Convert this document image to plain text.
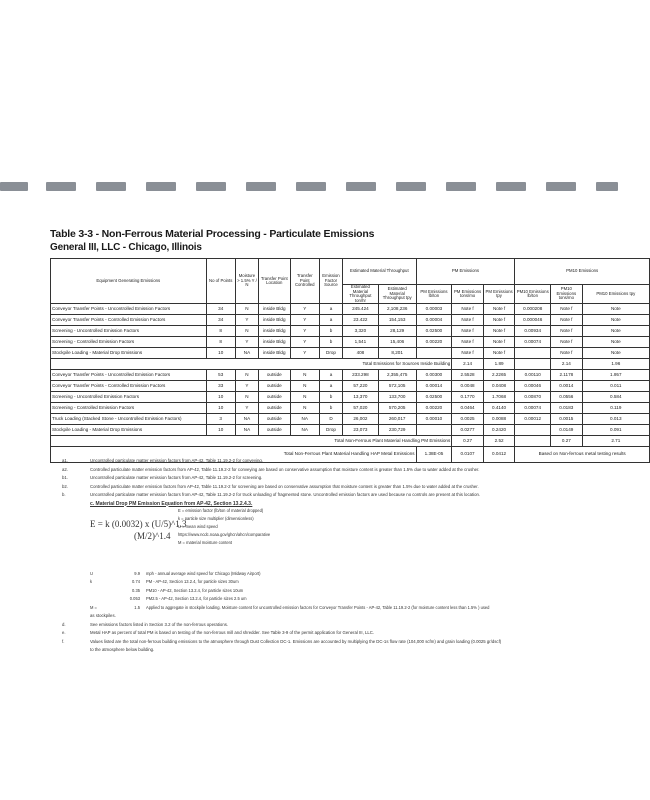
Table 3-3 - Non-Ferrous Material Processing - Particulate Emissions
General III, LLC - Chicago, Illinois
Equipment Generating Emissions	No of Points	Moisture > 1.5% Y / N	Transfer Point Location	Transfer Point Controlled	Emission Factor Source	Estimated Material Throughput		PM Emissions			PM10 Emissions		
						Estimated Material Throughput ton/hr	Estimated Material Throughput tpy	PM Emissions lb/ton	PM Emissions tons/mo	PM Emissions tpy	PM10 Emissions lb/ton	PM10 Emissions tons/mo	PM10 Emissions tpy
Conveyor Transfer Points - Uncontrolled Emission Factors	34	N	inside Bldg	Y	a	245.424	2,108,236	0.00003	Note f	Note f	0.000208	Note f	Note
Conveyor Transfer Points - Controlled Emission Factors	34	Y	inside Bldg	Y	a	23.422	154,153	0.00004	Note f	Note f	0.000046	Note f	Note
Screening - Uncontrolled Emission Factors	8	N	inside Bldg	Y	b	3,320	28,129	0.02500	Note f	Note f	0.00934	Note f	Note
Screening - Controlled Emission Factors	8	Y	inside Bldg	Y	b	1,541	15,406	0.00220	Note f	Note f	0.00074	Note f	Note
Stockpile Loading - Material Drop Emissions	10	NA	inside Bldg	Y	Drop	408	8,201		Note f	Note f		Note f	Note
Total Emissions for Sources Inside Building									2.14	1.89		2.14	1.96
Conveyor Transfer Points - Uncontrolled Emission Factors	53	N	outside	N	a	233.298	2,355,475	0.00300	2.5528	2.2265	0.00110	2.1178	1.957
Conveyor Transfer Points - Controlled Emission Factors	33	Y	outside	N	a	57,220	572,105	0.00014	0.0048	0.0408	0.00046	0.0014	0.011
Screening - Uncontrolled Emission Factors	10	N	outside	N	b	13,370	133,700	0.02500	0.1770	1.7068	0.00870	0.0556	0.584
Screening - Controlled Emission Factors	10	Y	outside	N	b	57,020	570,205	0.00220	0.0464	0.4140	0.00074	0.0183	0.119
Truck Loading (Stacked Stone - Uncontrolled Emission Factors)	3	NA	outside	NA	D	26,002	260,017	0.00010	0.0025	0.0088	0.00012	0.0015	0.013
Stockpile Loading - Material Drop Emissions	10	NA	outside	NA	Drop	23,073	230,729		0.0277	0.2420		0.0149	0.091
Total Non-Ferrous Plant Material Handling PM Emissions									0.27	2.52		0.27	2.71
Total Non-Ferrous Plant Material Handling HAP Metal Emissions								1.38E-05	0.0107	0.0412	Based on Non-ferrous metal testing results		
a1.	Uncontrolled particulate matter emission factors from AP-42, Table 11.19.2-2 for conveying.
a2.	Controlled particulate matter emission factors from AP-42, Table 11.19.2-2 for conveying are based on conservative assumption that moisture content is greater than 1.5% due to water added at the crusher.
b1.	Uncontrolled particulate matter emission factors from AP-42, Table 11.19.2-2 for screening.
b2.	Controlled particulate matter emission factors from AP-42, Table 11.19.2-2 for screening are based on conservative assumption that moisture content is greater than 1.5% due to water added at the crusher.
b.	Uncontrolled particulate matter emission factors from AP-42, Table 11.19.2-2 for truck unloading of fragmented stone. Uncontrolled emission factors are used because no controls are present at this location.
c. Material Drop PM Emission Equation from AP-42, Section 13.2.4.3.
E = k (0.0032) x (U/5)^1.3
(M/2)^1.4
E = emission factor (lb/ton of material dropped)
k = particle size multiplier (dimensionless)
U = mean wind speed
https://www.ncdc.noaa.gov/ghcn/ahcn/comparative
M = material moisture content
U	9.9 mph - annual average wind speed for Chicago (Midway Airport)
k	0.74 PM - AP-42, Section 13.2.4, for particle sizes 30um
0.35 PM10 - AP-42, Section 13.2.4, for particle sizes 10um
0.053 PM2.5 - AP-42, Section 13.2.4, for particle sizes 2.5 um
M =	1.5 Applied to aggregate in stockpile loading. Moisture content for uncontrolled emission factors for Conveyor Transfer Points - AP-42, Table 11.19.2-2 (for moisture content less than 1.5% ) used
as stockpiles.
d.	See emissions factors listed in Section 3.2 of the non-ferrous operations.
e.	Metal HAP as percent of total PM is based on testing of the non-ferrous mill and shredder. See Table 3-9 of the permit application for General III, LLC.
f.	Values listed are the total non-ferrous building emissions to the atmosphere through Dust Collection DC-1. Emissions are accounted by multiplying the DC-1s flow rate (104,000 scfm) and grain loading (0.0025 gr/dscf)
to the atmosphere below building.
